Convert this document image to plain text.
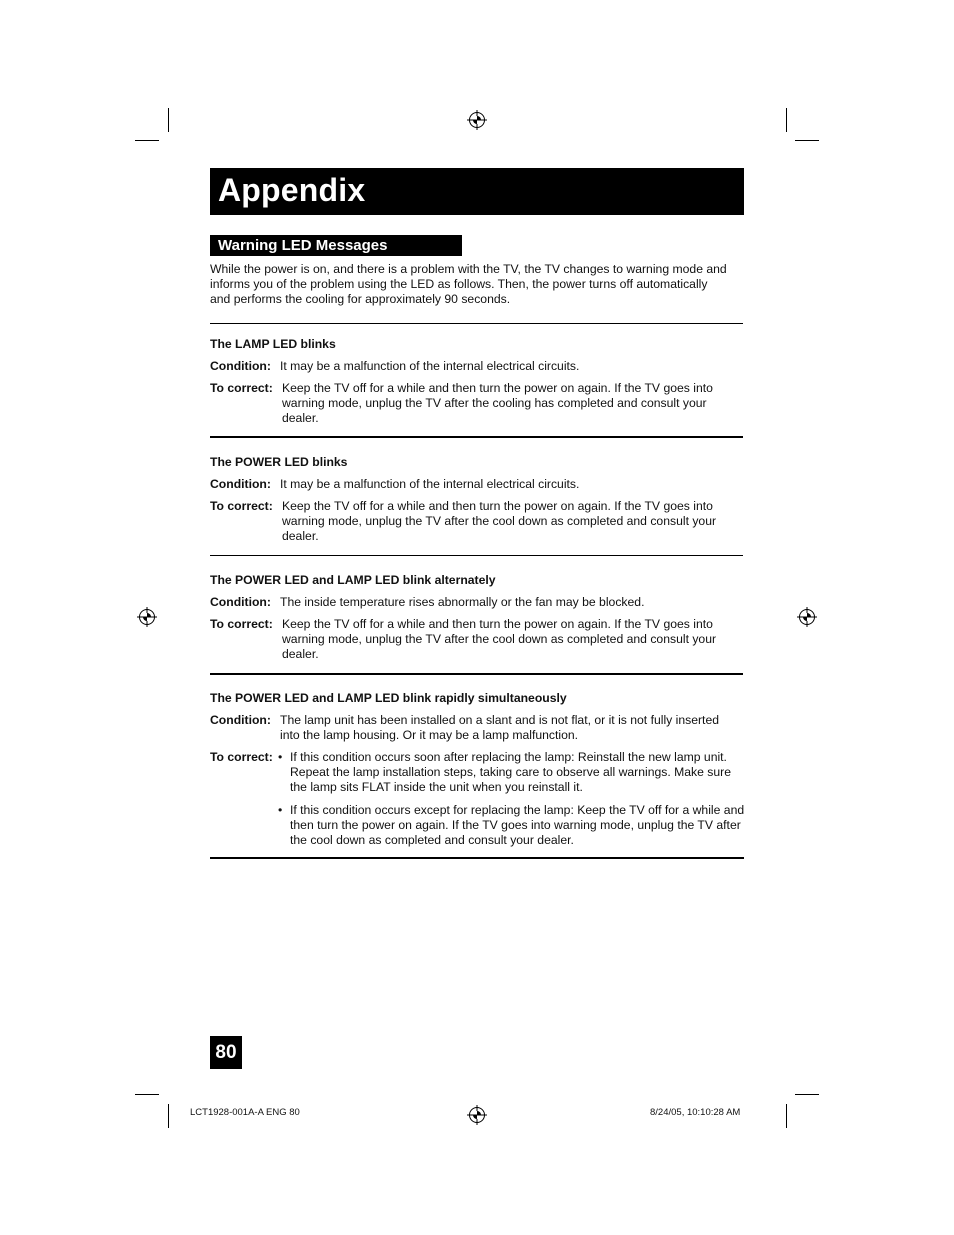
Appendix
Warning LED Messages
While the power is on, and there is a problem with the TV, the TV changes to warning mode and informs you of the problem using the LED as follows. Then, the power turns off automatically and performs the cooling for approximately 90 seconds.
The LAMP LED blinks
Condition: It may be a malfunction of the internal electrical circuits.
To correct: Keep the TV off for a while and then turn the power on again. If the TV goes into warning mode, unplug the TV after the cooling has completed and consult your dealer.
The POWER LED blinks
Condition: It may be a malfunction of the internal electrical circuits.
To correct: Keep the TV off for a while and then turn the power on again. If the TV goes into warning mode, unplug the TV after the cool down as completed and consult your dealer.
The POWER LED and LAMP LED blink alternately
Condition: The inside temperature rises abnormally or the fan may be blocked.
To correct: Keep the TV off for a while and then turn the power on again. If the TV goes into warning mode, unplug the TV after the cool down as completed and consult your dealer.
The POWER LED and LAMP LED blink rapidly simultaneously
Condition: The lamp unit has been installed on a slant and is not flat, or it is not fully inserted into the lamp housing. Or it may be a lamp malfunction.
To correct: • If this condition occurs soon after replacing the lamp: Reinstall the new lamp unit. Repeat the lamp installation steps, taking care to observe all warnings. Make sure the lamp sits FLAT inside the unit when you reinstall it.
• If this condition occurs except for replacing the lamp: Keep the TV off for a while and then turn the power on again. If the TV goes into warning mode, unplug the TV after the cool down as completed and consult your dealer.
80
LCT1928-001A-A ENG 80	8/24/05, 10:10:28 AM
